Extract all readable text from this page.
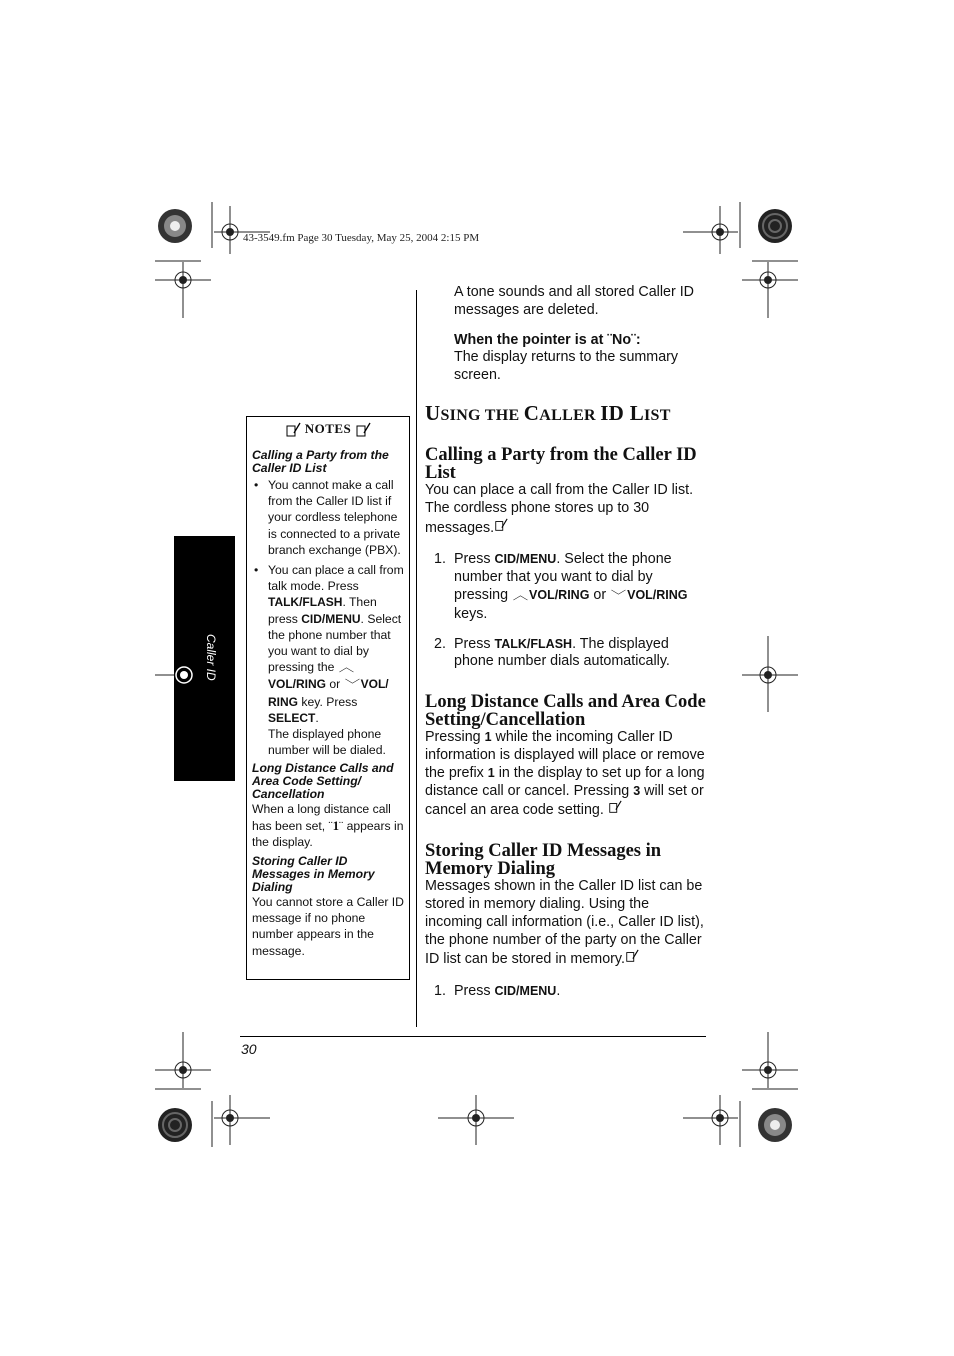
43-3549.fm Page 30 Tuesday, May 25, 2004 2:15 PM
Caller ID
NOTES

Calling a Party from the Caller ID List

• You cannot make a call from the Caller ID list if your cordless telephone is connected to a private branch exchange (PBX).
• You can place a call from talk mode. Press TALK/FLASH. Then press CID/MENU. Select the phone number that you want to dial by pressing the ︿ VOL/RING or ﹀VOL/ RING key. Press SELECT.
The displayed phone number will be dialed.

Long Distance Calls and Area Code Setting/ Cancellation

When a long distance call has been set, ¨1¨ appears in the display.

Storing Caller ID Messages in Memory Dialing

You cannot store a Caller ID message if no phone number appears in the message.

A tone sounds and all stored Caller ID messages are deleted.

When the pointer is at ¨No¨:
The display returns to the summary screen.

USING THE CALLER ID LIST
Calling a Party from the Caller ID List

You can place a call from the Caller ID list. The cordless phone stores up to 30 messages.

1. Press CID/MENU. Select the phone number that you want to dial by pressing ︿VOL/RING or ﹀VOL/RING keys.
2. Press TALK/FLASH. The displayed phone number dials automatically.
Long Distance Calls and Area Code Setting/Cancellation

Pressing 1 while the incoming Caller ID information is displayed will place or remove the prefix 1 in the display to set up for a long distance call or cancel. Pressing 3 will set or cancel an area code setting.

Storing Caller ID Messages in Memory Dialing

Messages shown in the Caller ID list can be stored in memory dialing. Using the incoming call information (i.e., Caller ID list), the phone number of the party on the Caller ID list can be stored in memory.

1. Press CID/MENU.
30
